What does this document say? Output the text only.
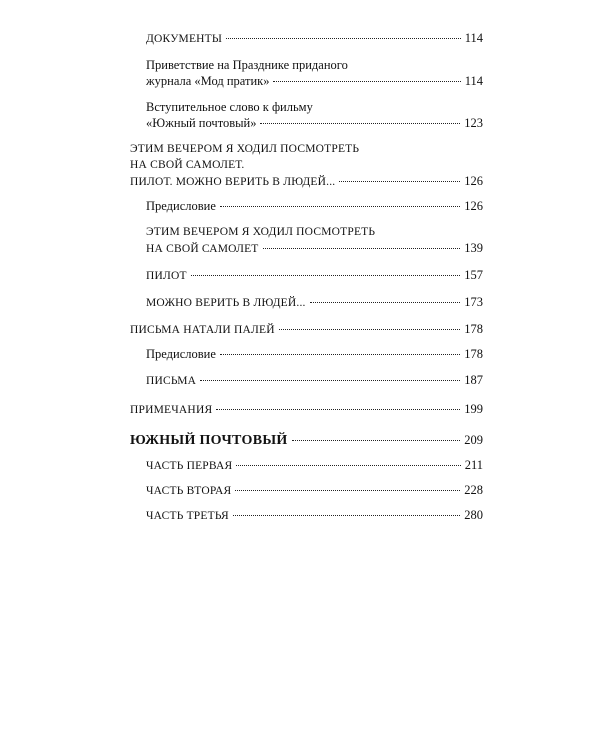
ДОКУМЕНТЫ	114
Приветствие на Празднике приданого
журнала «Мод пратик»	114
Вступительное слово к фильму
«Южный почтовый»	123
ЭТИМ ВЕЧЕРОМ Я ХОДИЛ ПОСМОТРЕТЬ
НА СВОЙ САМОЛЕТ.
ПИЛОТ. МОЖНО ВЕРИТЬ В ЛЮДЕЙ...	126
Предисловие	126
ЭТИМ ВЕЧЕРОМ Я ХОДИЛ ПОСМОТРЕТЬ
НА СВОЙ САМОЛЕТ	139
ПИЛОТ	157
МОЖНО ВЕРИТЬ В ЛЮДЕЙ...	173
ПИСЬМА НАТАЛИ ПАЛЕЙ	178
Предисловие	178
ПИСЬМА	187
ПРИМЕЧАНИЯ	199
ЮЖНЫЙ ПОЧТОВЫЙ	209
ЧАСТЬ ПЕРВАЯ	211
ЧАСТЬ ВТОРАЯ	228
ЧАСТЬ ТРЕТЬЯ	280
